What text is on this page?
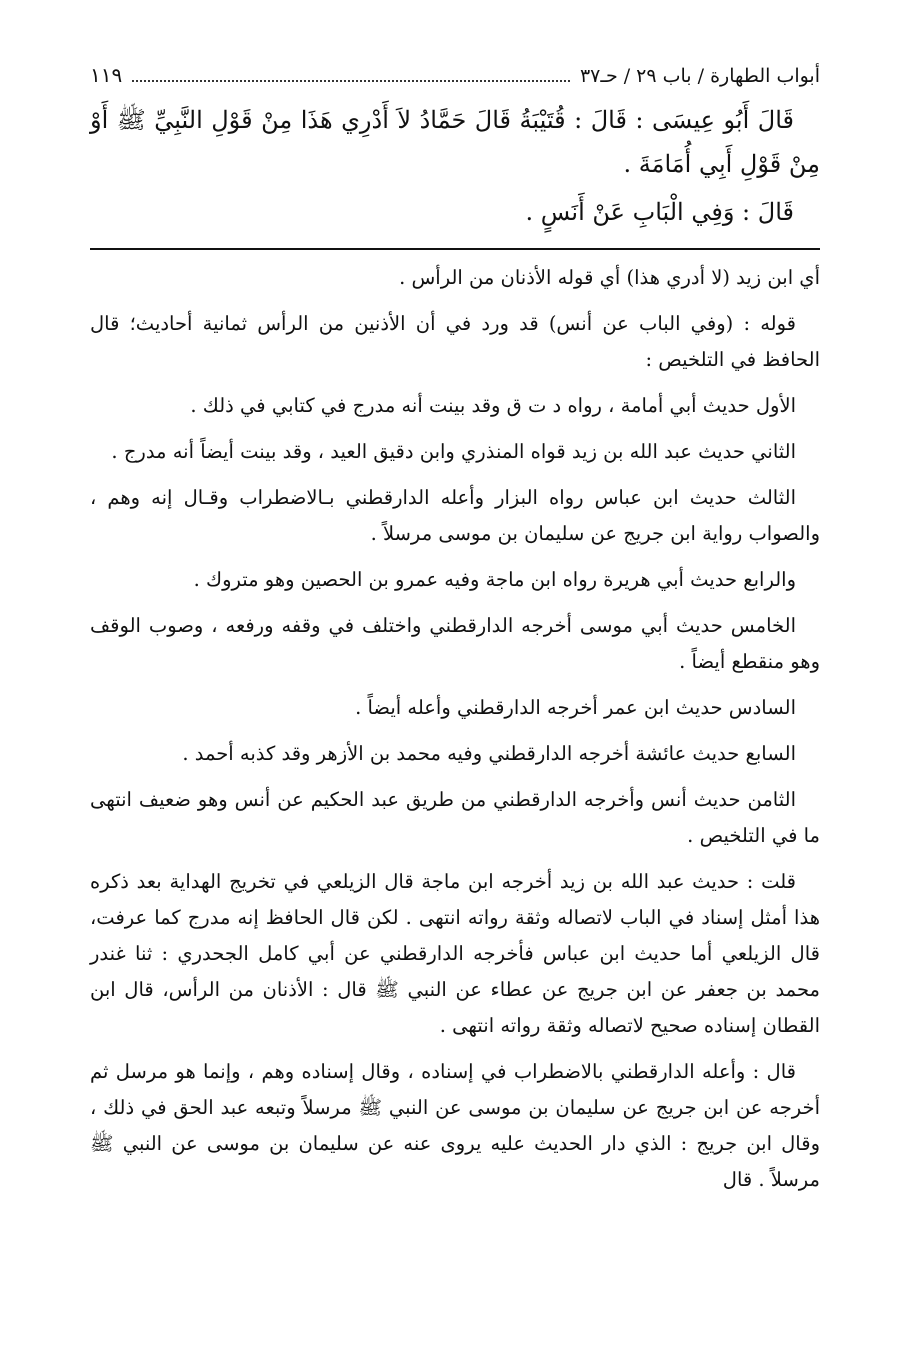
أبواب الطهارة / باب ٢٩ / حـ٣٧
١١٩

قَالَ أَبُو عِيسَى : قَالَ : قُتَيْبَةُ قَالَ حَمَّادُ لاَ أَدْرِي هَذَا مِنْ قَوْلِ النَّبِيِّ ﷺ أَوْ مِنْ قَوْلِ أَبِي أُمَامَةَ .

قَالَ : وَفِي الْبَابِ عَنْ أَنَسٍ .

أي ابن زيد (لا أدري هذا) أي قوله الأذنان من الرأس .

قوله : (وفي الباب عن أنس) قد ورد في أن الأذنين من الرأس ثمانية أحاديث؛ قال الحافظ في التلخيص :

الأول حديث أبي أمامة ، رواه د ت ق وقد بينت أنه مدرج في كتابي في ذلك .

الثاني حديث عبد الله بن زيد قواه المنذري وابن دقيق العيد ، وقد بينت أيضاً أنه مدرج .

الثالث حديث ابن عباس رواه البزار وأعله الدارقطني بـالاضطراب وقـال إنه وهم ، والصواب رواية ابن جريج عن سليمان بن موسى مرسلاً .

والرابع حديث أبي هريرة رواه ابن ماجة وفيه عمرو بن الحصين وهو متروك .

الخامس حديث أبي موسى أخرجه الدارقطني واختلف في وقفه ورفعه ، وصوب الوقف وهو منقطع أيضاً .

السادس حديث ابن عمر أخرجه الدارقطني وأعله أيضاً .

السابع حديث عائشة أخرجه الدارقطني وفيه محمد بن الأزهر وقد كذبه أحمد .

الثامن حديث أنس وأخرجه الدارقطني من طريق عبد الحكيم عن أنس وهو ضعيف انتهى ما في التلخيص .

قلت : حديث عبد الله بن زيد أخرجه ابن ماجة قال الزيلعي في تخريج الهداية بعد ذكره هذا أمثل إسناد في الباب لاتصاله وثقة رواته انتهى . لكن قال الحافظ إنه مدرج كما عرفت، قال الزيلعي أما حديث ابن عباس فأخرجه الدارقطني عن أبي كامل الجحدري : ثنا غندر محمد بن جعفر عن ابن جريج عن عطاء عن النبي ﷺ قال : الأذنان من الرأس، قال ابن القطان إسناده صحيح لاتصاله وثقة رواته انتهى .

قال : وأعله الدارقطني بالاضطراب في إسناده ، وقال إسناده وهم ، وإنما هو مرسل ثم أخرجه عن ابن جريج عن سليمان بن موسى عن النبي ﷺ مرسلاً وتبعه عبد الحق في ذلك ، وقال ابن جريج : الذي دار الحديث عليه يروى عنه عن سليمان بن موسى عن النبي ﷺ مرسلاً . قال
